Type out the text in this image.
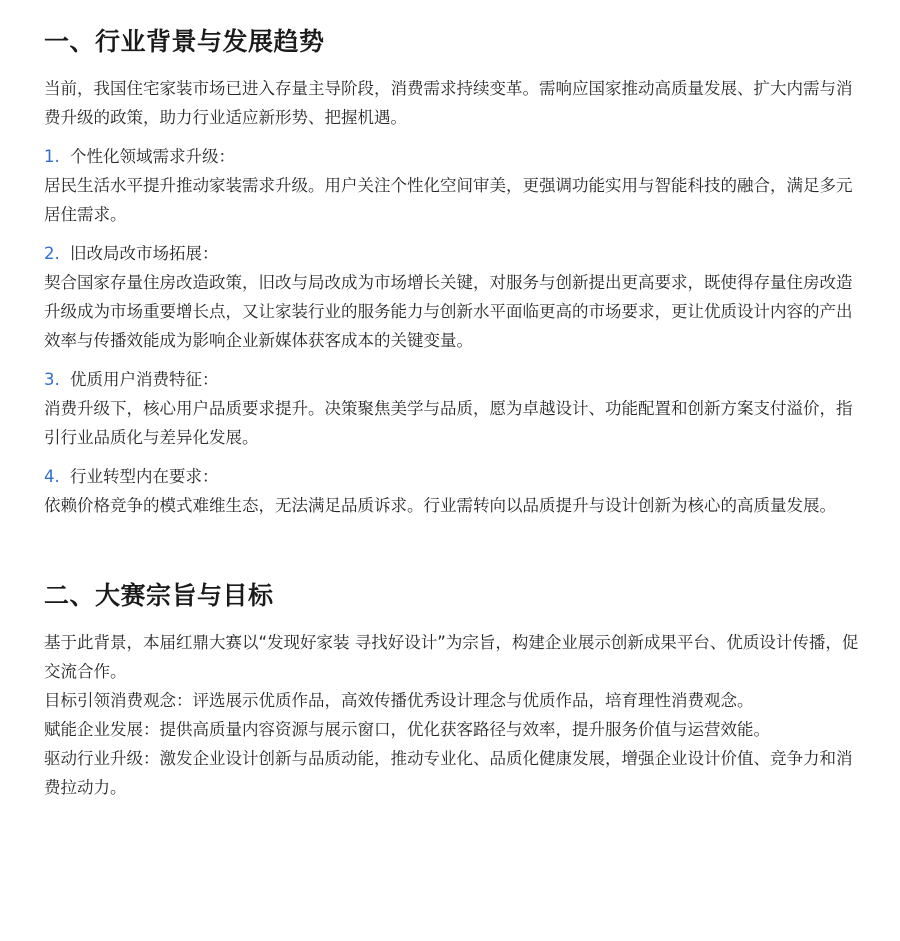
一、行业背景与发展趋势

当前，我国住宅家装市场已进入存量主导阶段，消费需求持续变革。需响应国家推动高质量发展、扩大内需与消费升级的政策，助力行业适应新形势、把握机遇。

1. 个性化领域需求升级：

居民生活水平提升推动家装需求升级。用户关注个性化空间审美，更强调功能实用与智能科技的融合，满足多元居住需求。

2. 旧改局改市场拓展：

契合国家存量住房改造政策，旧改与局改成为市场增长关键，对服务与创新提出更高要求，既使得存量住房改造升级成为市场重要增长点，又让家装行业的服务能力与创新水平面临更高的市场要求，更让优质设计内容的产出效率与传播效能成为影响企业新媒体获客成本的关键变量。

3. 优质用户消费特征：

消费升级下，核心用户品质要求提升。决策聚焦美学与品质，愿为卓越设计、功能配置和创新方案支付溢价，指引行业品质化与差异化发展。

4. 行业转型内在要求：

依赖价格竞争的模式难维生态，无法满足品质诉求。行业需转向以品质提升与设计创新为核心的高质量发展。

二、大赛宗旨与目标

基于此背景，本届红鼎大赛以“发现好家装 寻找好设计”为宗旨，构建企业展示创新成果平台、优质设计传播，促交流合作。

目标引领消费观念：评选展示优质作品，高效传播优秀设计理念与优质作品，培育理性消费观念。

赋能企业发展：提供高质量内容资源与展示窗口，优化获客路径与效率，提升服务价值与运营效能。

驱动行业升级：激发企业设计创新与品质动能，推动专业化、品质化健康发展，增强企业设计价值、竞争力和消费拉动力。
